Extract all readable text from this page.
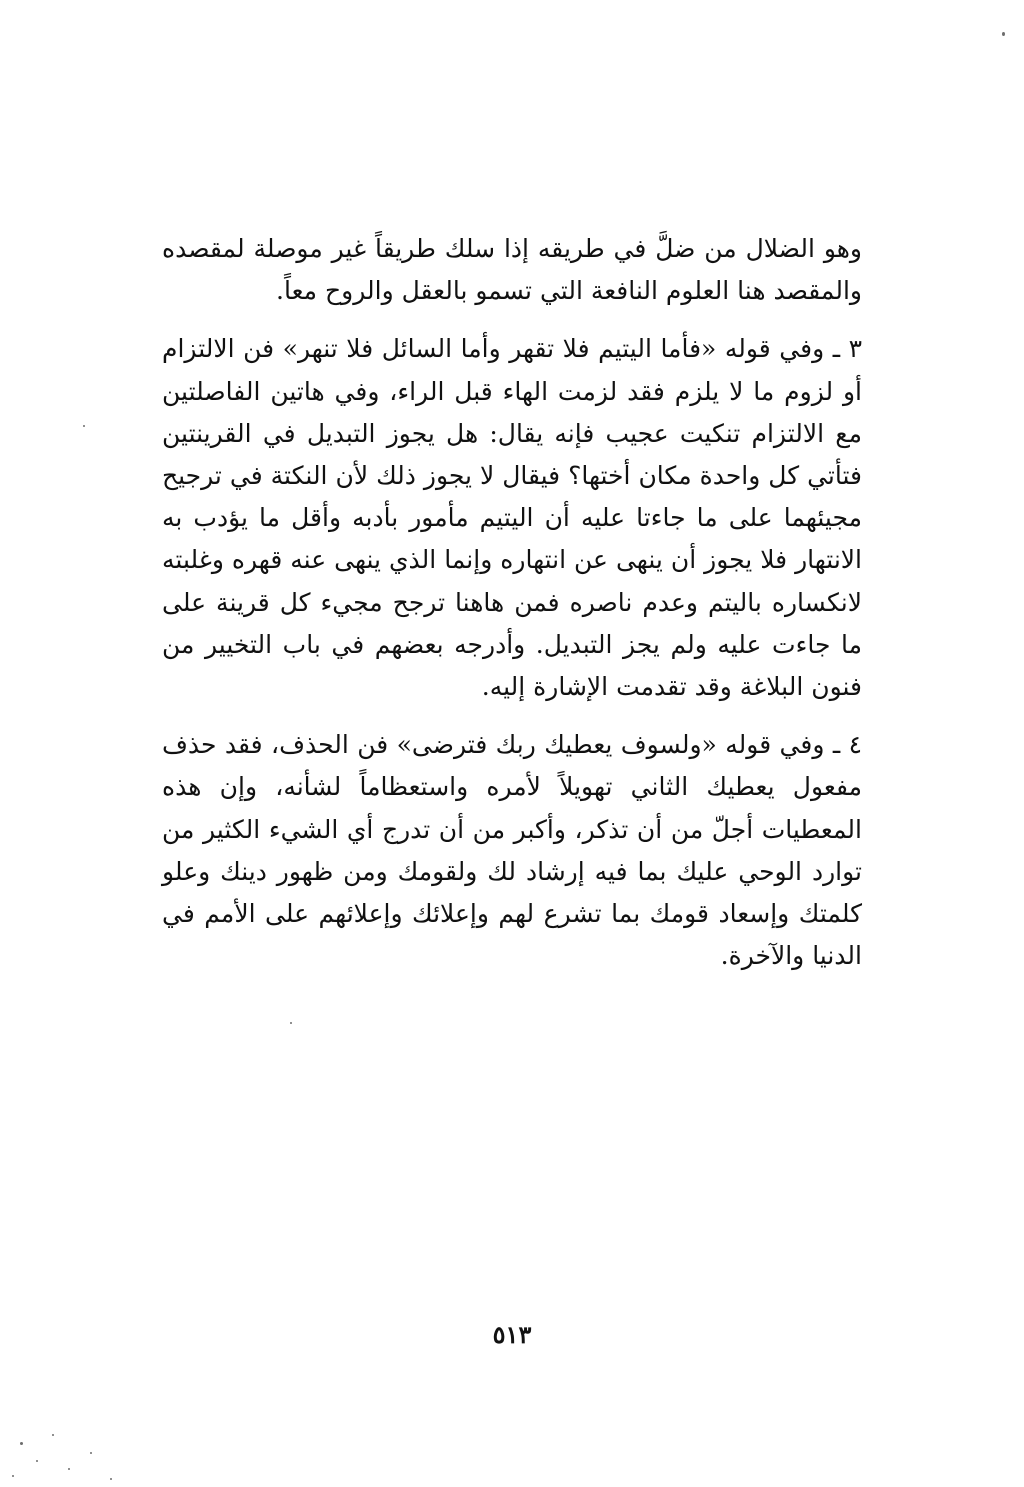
وهو الضلال من ضلَّ في طريقه إذا سلك طريقاً غير موصلة لمقصده والمقصد هنا العلوم النافعة التي تسمو بالعقل والروح معاً.

٣ ـ وفي قوله «فأما اليتيم فلا تقهر وأما السائل فلا تنهر» فن الالتزام أو لزوم ما لا يلزم فقد لزمت الهاء قبل الراء، وفي هاتين الفاصلتين مع الالتزام تنكيت عجيب فإنه يقال: هل يجوز التبديل في القرينتين فتأتي كل واحدة مكان أختها؟ فيقال لا يجوز ذلك لأن النكتة في ترجيح مجيئهما على ما جاءتا عليه أن اليتيم مأمور بأدبه وأقل ما يؤدب به الانتهار فلا يجوز أن ينهى عن انتهاره وإنما الذي ينهى عنه قهره وغلبته لانكساره باليتم وعدم ناصره فمن هاهنا ترجح مجيء كل قرينة على ما جاءت عليه ولم يجز التبديل. وأدرجه بعضهم في باب التخيير من فنون البلاغة وقد تقدمت الإشارة إليه.

٤ ـ وفي قوله «ولسوف يعطيك ربك فترضى» فن الحذف، فقد حذف مفعول يعطيك الثاني تهويلاً لأمره واستعظاماً لشأنه، وإن هذه المعطيات أجلّ من أن تذكر، وأكبر من أن تدرج أي الشيء الكثير من توارد الوحي عليك بما فيه إرشاد لك ولقومك ومن ظهور دينك وعلو كلمتك وإسعاد قومك بما تشرع لهم وإعلائك وإعلائهم على الأمم في الدنيا والآخرة.

٥١٣
